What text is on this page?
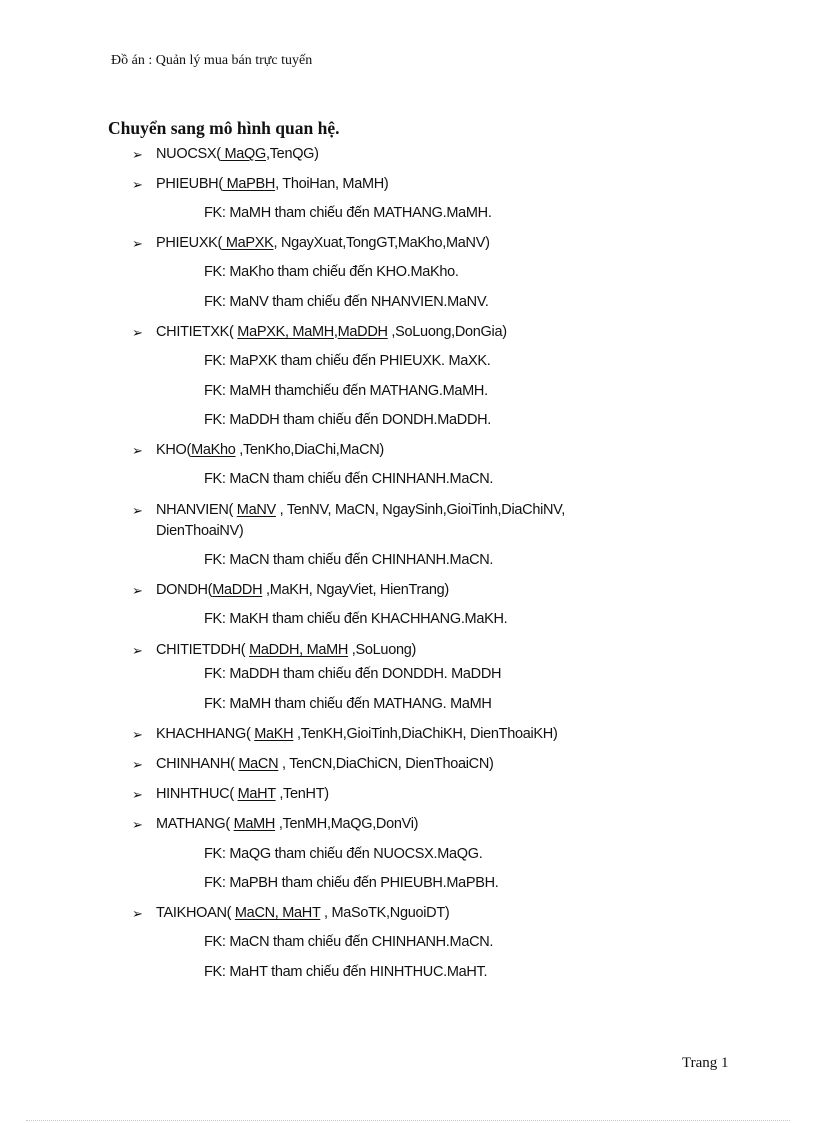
Đồ án : Quản lý mua bán trực tuyến
Chuyển sang mô hình quan hệ.
➢ NUOCSX( MaQG,TenQG)
➢ PHIEUBH( MaPBH, ThoiHan, MaMH)
FK: MaMH tham chiếu đến MATHANG.MaMH.
➢ PHIEUXK( MaPXK, NgayXuat,TongGT,MaKho,MaNV)
FK: MaKho tham chiếu đến KHO.MaKho.
FK: MaNV tham chiếu đến NHANVIEN.MaNV.
➢ CHITIETXK( MaPXK, MaMH,MaDDH ,SoLuong,DonGia)
FK: MaPXK tham chiếu đến PHIEUXK. MaXK.
FK: MaMH thamchiếu đến MATHANG.MaMH.
FK: MaDDH tham chiếu đến DONDH.MaDDH.
➢ KHO(MaKho ,TenKho,DiaChi,MaCN)
FK: MaCN tham chiếu đến CHINHANH.MaCN.
➢ NHANVIEN( MaNV , TenNV, MaCN, NgaySinh,GioiTinh,DiaChiNV,
DienThoaiNV)
FK: MaCN tham chiếu đến CHINHANH.MaCN.
➢ DONDH(MaDDH ,MaKH, NgayViet, HienTrang)
FK: MaKH tham chiếu đến KHACHHANG.MaKH.
➢ CHITIETDDH( MaDDH, MaMH ,SoLuong)
FK: MaDDH tham chiếu đến DONDDH. MaDDH
FK: MaMH tham chiếu đến MATHANG. MaMH
➢ KHACHHANG( MaKH ,TenKH,GioiTinh,DiaChiKH, DienThoaiKH)
➢ CHINHANH( MaCN , TenCN,DiaChiCN, DienThoaiCN)
➢ HINHTHUC( MaHT ,TenHT)
➢ MATHANG( MaMH ,TenMH,MaQG,DonVi)
FK: MaQG tham chiếu đến NUOCSX.MaQG.
FK: MaPBH tham chiếu đến PHIEUBH.MaPBH.
➢ TAIKHOAN( MaCN, MaHT , MaSoTK,NguoiDT)
FK: MaCN tham chiếu đến CHINHANH.MaCN.
FK: MaHT tham chiếu đến HINHTHUC.MaHT.
Trang 1
